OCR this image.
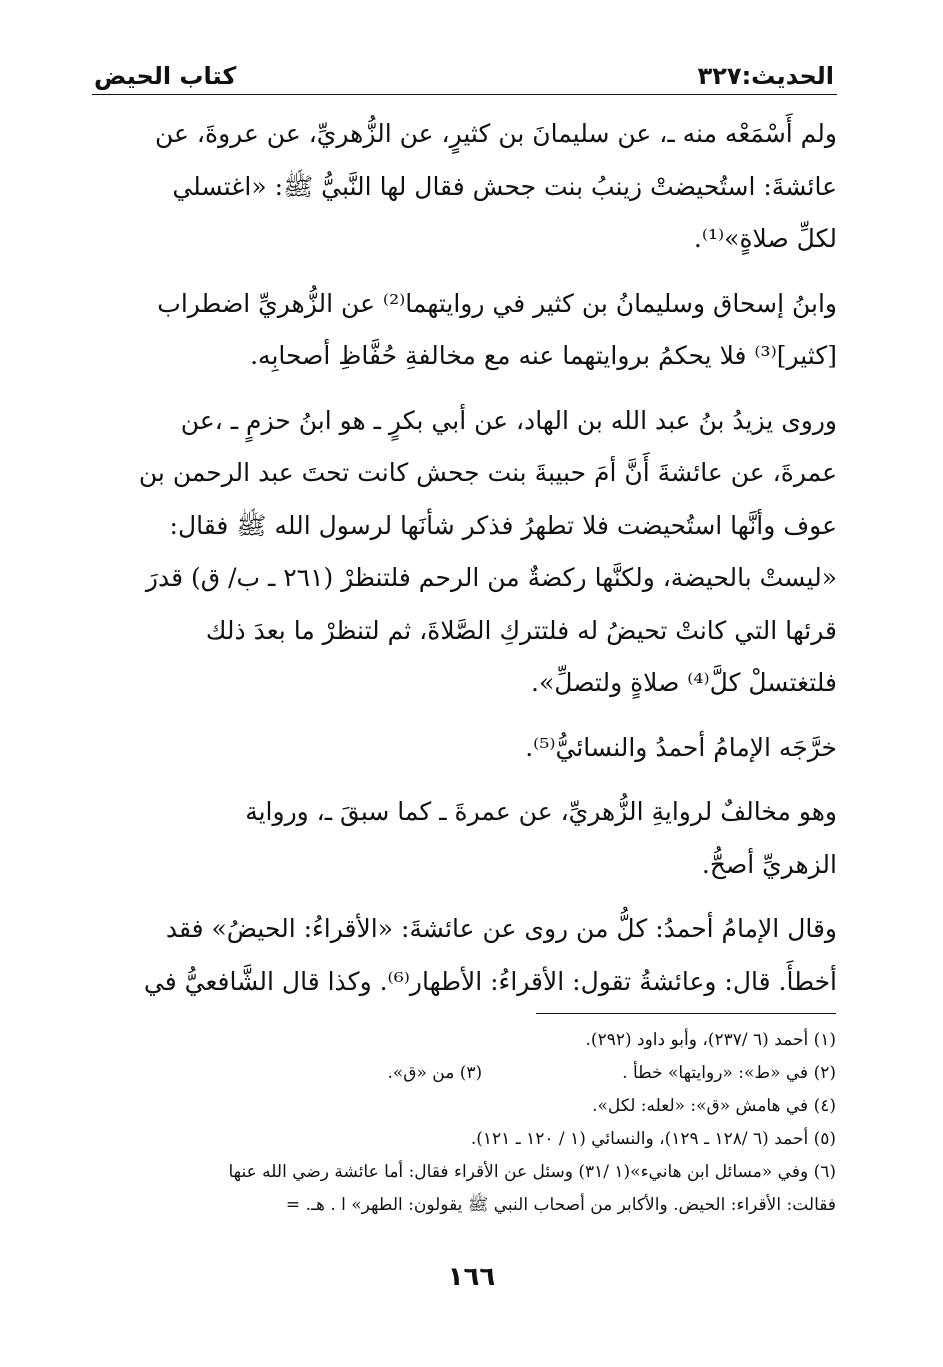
الحديث:٣٢٧
كتاب الحيض

ولم أَسْمَعْه منه ـ، عن سليمانَ بن كثيرٍ، عن الزُّهريِّ، عن عروةَ، عن

عائشةَ: استُحيضتْ زينبُ بنت جحش فقال لها النَّبيُّ ﷺ: «اغتسلي

لكلِّ صلاةٍ»⁽¹⁾.

وابنُ إسحاق وسليمانُ بن كثير في روايتهما⁽²⁾ عن الزُّهريِّ اضطراب

[كثير]⁽³⁾ فلا يحكمُ بروايتهما عنه مع مخالفةِ حُفَّاظِ أصحابِه.

وروى يزيدُ بنُ عبد الله بن الهاد، عن أبي بكرٍ ـ هو ابنُ حزمٍ ـ ،عن

عمرةَ، عن عائشةَ أَنَّ أمَ حبيبةَ بنت جحش كانت تحتَ عبد الرحمن بن

عوف وأنَّها استُحيضت فلا تطهرُ فذكر شأنَها لرسول الله ﷺ فقال:

«ليستْ بالحيضة، ولكنَّها ركضةٌ من الرحم فلتنظرْ (٢٦١ ـ ب/ ق) قدرَ

قرئها التي كانتْ تحيضُ له فلتتركِ الصَّلاةَ، ثم لتنظرْ ما بعدَ ذلك

فلتغتسلْ كلَّ⁽⁴⁾ صلاةٍ ولتصلِّ».

خرَّجَه الإمامُ أحمدُ والنسائيُّ⁽⁵⁾.

وهو مخالفٌ لروايةِ الزُّهريِّ، عن عمرةَ ـ كما سبقَ ـ، ورواية

الزهريِّ أصحُّ.

وقال الإمامُ أحمدُ: كلُّ من روى عن عائشةَ: «الأقراءُ: الحيضُ» فقد

أخطأَ. قال: وعائشةُ تقول: الأقراءُ: الأطهار⁽⁶⁾. وكذا قال الشَّافعيُّ في

(١) أحمد (٦ /٢٣٧)، وأبو داود (٢٩٢).
(٢) في «ط»: «روايتها» خطأ .
(٣) من «ق».
(٤) في هامش «ق»: «لعله: لكل».
(٥) أحمد (٦ /١٢٨ ـ ١٢٩)، والنسائي (١ / ١٢٠ ـ ١٢١).
(٦) وفي «مسائل ابن هانيء»(١ /٣١) وسئل عن الأقراء فقال: أما عائشة رضي الله عنها
فقالت: الأقراء: الحيض. والأكابر من أصحاب النبي ﷺ يقولون: الطهر» ا . هـ. =
١٦٦
